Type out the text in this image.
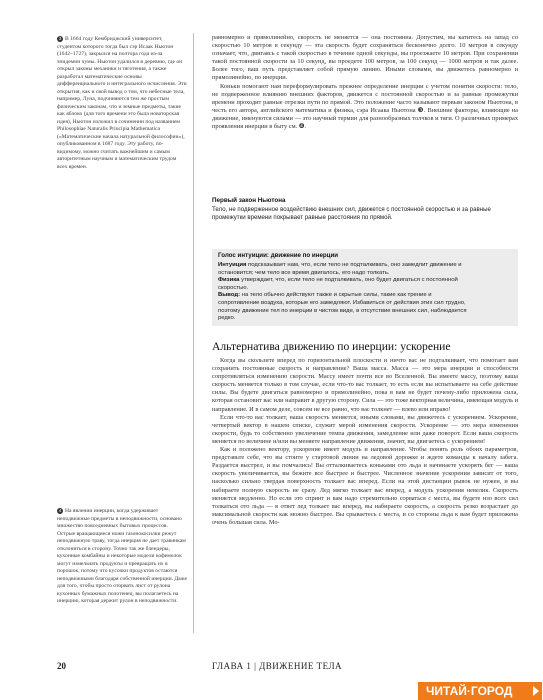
3 В 1664 году Кембриджский университет, студентом которого тогда был сэр Исаак Ньютон (1642–1727), закрылся на полтора года из-за эпидемии чумы. Ньютон удалился в деревню, где он открыл законы механики и тяготения, а также разработал математические основы дифференциального и интегрального исчисления. Эти открытия, как и свой вывод о том, что небесные тела, например, Луна, подчиняются тем же простым физическим законам, что и земные предметы, такие как яблоко (для того времени это была новаторская идея), Ньютон изложил в сочинении под названием Philosophiae Naturalis Principia Mathematica («Математические начала натуральной философии»), опубликованном в 1687 году. Эту работу, по-видимому, можно считать важнейшим и самым авторитетным научным и математическим трудом всех времен.
4 На явлении инерции, когда удерживает неподвижные предметы в неподвижности, основано множество повседневных бытовых процессов. Острые вращающиеся ножи газонокосилки режут неподвижную траву, тогда инерция не дает травинкам отклониться в сторону. Точно так же блендеры, кухонные комбайны и некоторые модели кофемолок могут измельчать продукты и превращать их в порошок, потому что кусочки продуктов остаются неподвижными благодаря собственной инерции. Даже для того, чтобы просто оторвать лист от рулона кухонных бумажных полотенец, вы полагаетесь на инерцию, которая держит рулон в неподвижности.

равномерно и прямолинейно, скорость не меняется — она постоянна. Допустим, вы катитесь на запад со скоростью 10 метров в секунду — эта скорость будет сохраняться бесконечно долго. 10 метров в секунду означает, что, двигаясь с такой скоростью в течение одной секунды, вы проезжаете 10 метров. При сохранении такой постоянной скорости за 10 секунд, вы проедете 100 метров, за 100 секунд — 1000 метров и так далее. Более того, ваш путь представляет собой прямую линию. Иными словами, вы движетесь равномерно и прямолинейно, по инерции.

Коньки помогают нам переформулировать прежнее определение инерции с учетом понятия скорости: тело, не подверженное влиянию внешних факторов, движется с постоянной скоростью и за равные промежутки времени проходит равные отрезки пути по прямой. Это положение часто называют первым законом Ньютона, в честь его автора, английского математика и физика, сэра Исаака Ньютона ❸. Внешние факторы, влияющие на движение, именуются силами — это научный термин для разнообразных толчков и тяги. О различных примерах проявления инерции в быту см. ❹.

Первый закон Ньютона
Тело, не подверженное воздействию внешних сил, движется с постоянной скоростью и за равные промежутки времени покрывает равные расстояния по прямой.
Голос интуиции: движение по инерции
Интуиция подсказывает нам, что, если тело не подталкивать, оно замедлит движение и остановится; чем тело все время двигалось, его надо толкать.
Физика утверждает, что, если тело не подталкивать, оно будет двигаться с постоянной скоростью.
Вывод: на тело обычно действуют также и скрытые силы, такие как трение и сопротивление воздуха, которые его замедляют. Избавиться от действия этих сил трудно, поэтому движение тел по инерции в чистом виде, в отсутствие внешних сил, наблюдается редко.
Альтернатива движению по инерции: ускорение

Когда вы скользите вперед по горизонтальной плоскости и ничто вас не подталкивает, что помогает вам сохранить постоянные скорость и направление? Ваша масса. Масса — это мера инерции и способности сопротивляться изменению скорости. Массу имеет почти все во Вселенной. Вы имеете массу, поэтому ваша скорость меняется только в том случае, если что-то вас толкает, то есть если вы испытываете на себе действие силы. Вы будете двигаться равномерно и прямолинейно, пока в вам не будет почему-либо приложена сила, которая остановит вас или направит в другую сторону. Сила — это тоже векторная величина, имеющая модуль и направление. И в самом деле, совсем не все равно, что вас толкнет — влево или вправо!

Если что-то вас толкает, ваша скорость меняется, иными словами, вы движетесь с ускорением. Ускорение, четвертый вектор в нашем списке, служит мерой изменения скорости. Ускорение — это мера изменения скорости, будь то собственно увеличение темпа движения, замедление или даже поворот. Если ваша скорость меняется по величине и/или вы меняете направление движения, значит, вы двигаетесь с ускорением!

Как и положено вектору, ускорение имеет модуль и направление. Чтобы понять роль обоих параметров, представьте себе, что вы стоите у стартовой линии на ледовой дорожке и ждете команды к началу забега. Раздается выстрел, и вы помчались! Вы отталкиваетесь коньками ото льда и начинаете ускорять бег — ваша скорость увеличивается, вы бежите все быстрее и быстрее. Численное значение ускорения зависит от того, насколько сильно твердая поверхность толкает вас вперед. Если на этой дистанции рывок не нужен, и вы набираете полную скорость не сразу. Лед мягко толкает вас вперед, а модуль ускорения невелик. Скорость меняется медленно. Но если это спринт и вам надо стремительно сорваться с места, вы будете изо всех сил толкаться ото льда — в ответ лед толкает вас вперед, вы набираете скорость, а скорость резко возрастает до максимальной скорости как можно быстрее. Вы срываетесь с места, и со стороны льда к вам будет приложена очень большая сила. Мо-

20	ГЛАВА 1 | ДВИЖЕНИЕ ТЕЛА
ЧИТАЙ·ГОРОД
